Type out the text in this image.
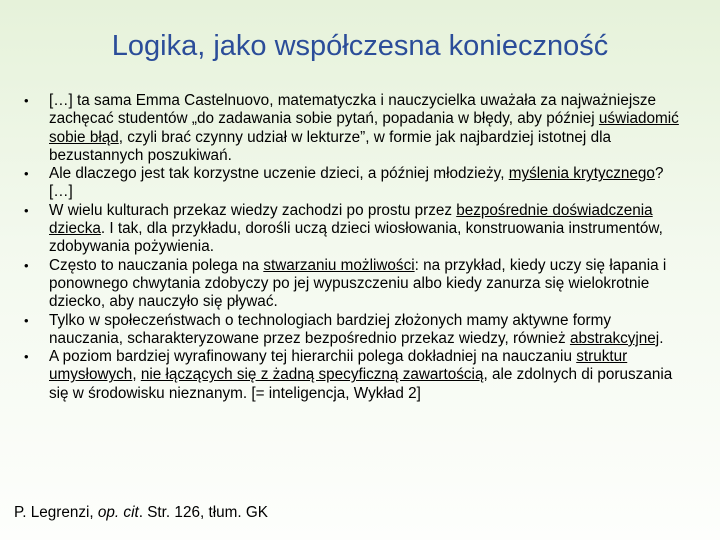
Logika, jako współczesna konieczność
• […] ta sama Emma Castelnuovo, matematyczka i nauczycielka uważała za najważniejsze zachęcać studentów „do zadawania sobie pytań, popadania w błędy, aby później uświadomić sobie błąd, czyli brać czynny udział w lekturze”, w formie jak najbardziej istotnej dla bezustannych poszukiwań.
• Ale dlaczego jest tak korzystne uczenie dzieci, a później młodzieży, myślenia krytycznego? […]
• W wielu kulturach przekaz wiedzy zachodzi po prostu przez bezpośrednie doświadczenia dziecka. I tak, dla przykładu, dorośli uczą dzieci wiosłowania, konstruowania instrumentów, zdobywania pożywienia.
• Często to nauczania polega na stwarzaniu możliwości: na przykład, kiedy uczy się łapania i ponownego chwytania zdobyczy po jej wypuszczeniu albo kiedy zanurza się wielokrotnie dziecko, aby nauczyło się pływać.
• Tylko w społeczeństwach o technologiach bardziej złożonych mamy aktywne formy nauczania, scharakteryzowane przez bezpośrednio przekaz wiedzy, również abstrakcyjnej.
• A poziom bardziej wyrafinowany tej hierarchii polega dokładniej na nauczaniu struktur umysłowych, nie łączących się z żadną specyficzną zawartością, ale zdolnych di poruszania się w środowisku nieznanym. [= inteligencja, Wykład 2]
P. Legrenzi, op. cit. Str. 126, tłum. GK
